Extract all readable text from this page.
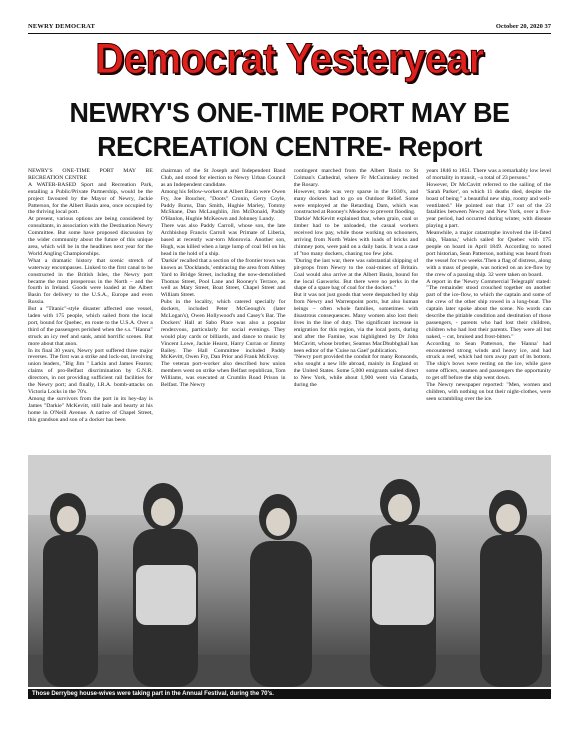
NEWRY DEMOCRAT	October 20, 2020 37
Democrat Yesteryear
NEWRY'S ONE-TIME PORT MAY BE
RECREATION CENTRE- Report

NEWRY'S ONE-TIME PORT MAY BE RECREATION CENTRE

A WATER-BASED Sport and Recreation Park, entailing a Public/Private Partnership, would be the project favoured by the Mayor of Newry, Jackie Patterson, for the Albert Basin area, once occupied by the thriving local port.

At present, various options are being considered by consultants, in association with the Destination Newry Committee. But some have proposed discussion by the wider community about the future of this unique area, which will be in the headlines next year for the World Angling Championships.

What a dramatic history that scenic stretch of waterway encompasses. Linked to the first canal to be constructed in the British Isles, the Newry port became the most prosperous in the North – and the fourth in Ireland. Goods were loaded at the Albert Basin for delivery to the U.S.A., Europe and even Russia.

But a "Titanic"-style disaster affected one vessel, laden with 175 people, which sailed from the local port, bound for Quebec, en route to the U.S.A. Over a third of the passengers perished when the s.s. "Hanna" struck an icy reef and sank, amid horrific scenes. But more about that anon.

In its final 30 years, Newry port suffered three major reverses. The first was a strike and lock-out, involving union leaders, "Big Jim " Larkin and James Fearon; claims of pro-Belfast discrimination by G.N.R. directors, in not providing sufficient rail facilities for the Newry port; and finally, I.R.A. bomb-attacks on Victoria Locks in the 70's.

Among the survivors from the port in its hey-day is James "Darkie" McKevitt, still hale and hearty at his home in O'Neill Avenue. A native of Chapel Street, this grandson and son of a docker has been

chairman of the St Joseph and Independent Band Club, and stood for election to Newry Urban Council as an Independent candidate.

Among his fellow-workers at Albert Basin were Owen Fry, Joe Boucher, "Doots" Cronin, Gerry Coyle, Paddy Burns, Dan Smith, Hughie Marley, Tommy McShane, Dan McLaughlin, Jim McDonald, Paddy O'Hanlon, Hughie McKeown and Johnney Lundy.

There was also Paddy Carroll, whose son, the late Archbishop Francis Carroll was Primate of Liberia, based at recently war-torn Monrovia. Another son, Hugh, was killed when a large lump of coal fell on his head in the hold of a ship.

'Darkie' recalled that a section of the frontier town was known as 'Docklands,' embracing the area from Abbey Yard to Bridge Street, including the now-demolished Thomas Street, Pool Lane and Rooney's Terrace, as well as Mary Street, Boat Street, Chapel Street and William Street.

Pubs in the locality, which catered specially for dockers, included Peter McGeough's (later McLogan's), Owen Hollywood's and Casey's Bar. The Dockers' Hall at Sabo Place was also a popular rendezvous, particularly for social evenings. They would play cards or billiards, and dance to music by Vincent Lowe, Jackie Hearst, Harry Curran or Jimmy Bailey. The Hall Committee included Paddy McKevitt, Owen Fry, Dan Prior and Frank McEvoy.

The veteran port-worker also described how union members went on strike when Belfast republican, Tom Williams, was executed at Crumlin Road Prison in Belfast. The Newry

contingent marched from the Albert Basin to St Colman's Cathedral, where Fr McCuimskey recited the Rosary.

However, trade was very sparse in the 1930's, and many dockers had to go on Outdoor Relief. Some were employed at the Retarding Dam, which was constructed at Rooney's Meadow to prevent flooding.

'Darkie' McKevitt explained that, when grain, coal or timber had to be unloaded, the casual workers received low pay, while those working on schooners, arriving from North Wales with loads of bricks and chimney pots, were paid on a daily basis. It was a case of "too many dockers, chasing too few jobs.

"During the last war, there was substantial shipping of pit-props from Newry to the coal-mines of Britain. Coal would also arrive at the Albert Basin, bound for the local Gasworks. But there were no perks in the shape of a spare bag of coal for the dockers."

But it was not just goods that were despatched by ship from Newry and Warrenpoint ports, but also human beings – often whole families, sometimes with disastrous consequences. Many women also lost their lives in the line of duty. The significant increase in emigration for this region, via the local ports, during and after the Famine, was highlighted by Dr John McCavitt, whose brother, Seamus MacDhubhghail has been editor of the 'Cuise na Gael' publication.

"Newry port provided the conduit for many Ronsonds, who sought a new life abroad, mainly in England or the United States. Some 5,000 emigrants sailed direct to New York, while about 1,900 went via Canada, during the

years 1846 to 1851. There was a remarkably low level of mortality in transit, –a total of 23 persons."

However, Dr McCavitt referred to the sailing of the 'Sarah Parker', on which 11 deaths died, despite the boast of being " a beautiful new ship, roomy and well-ventilated." He pointed out that 17 out of the 23 fatalities between Newry and New York, over a five-year period, had occurred during winter, with disease playing a part.

Meanwhile, a major catastrophe involved the ill-fated ship, 'Hanna,' which sailed for Quebec with 175 people on board in April 1849. According to noted port historian, Sean Patterson, nothing was heard from the vessel for two weeks.'Then a flag of distress, along with a mass of people, was noticed on an ice-flow by the crew of a passing ship. 32 were taken on board.

A report in the 'Newry Commercial Telegraph' stated: "The remainder stood crouched together on another part of the ice-flow, to which the captain and some of the crew of the other ship rowed in a long-boat. The captain later spoke about the scene. No words can describe the pitiable condition and destitution of those passengers, - parents who had lost their children, children who had lost their parents. They were all but naked, – cut, bruised and frost-bitten."

According to Sean Patterson, the 'Hanna' had encountered strong winds and heavy ice, and had struck a reef, which had torn away part of its bottom. The ship's bows were resting on the ice, while gave some officers, seamen and passengers the opportunity to get off before the ship went down.

The Newry newspaper reported: "Men, women and children, with nothing on but their night-clothes, were seen scrambling over the ice.

Those Derrybeg house-wives were taking part in the Annual Festival, during the 70's.
